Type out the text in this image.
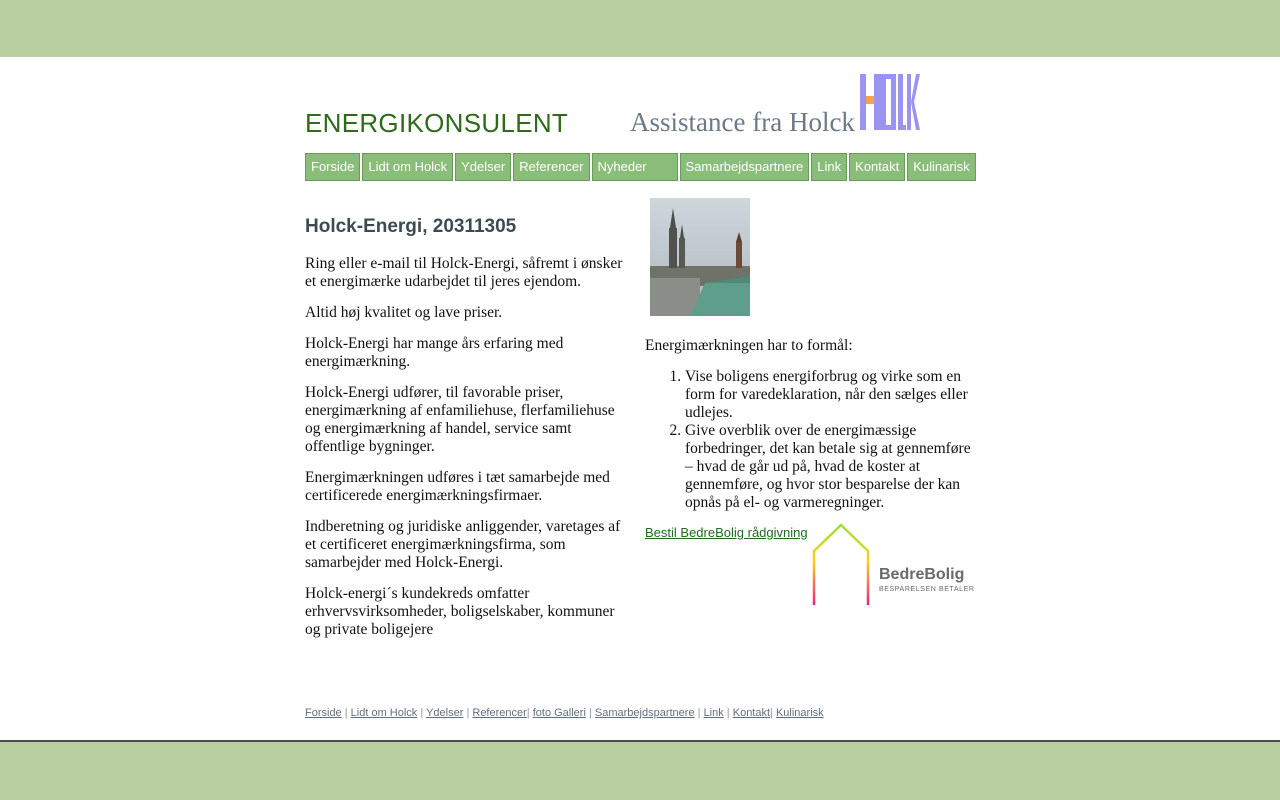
ENERGIKONSULENT Assistance fra Holck
Forside	Lidt om Holck	Ydelser	Referencer	Nyheder	Samarbejdspartnere	Link	Kontakt	Kulinarisk
Holck-Energi, 20311305

Ring eller e-mail til Holck-Energi, såfremt i ønsker et energimærke udarbejdet til jeres ejendom.

Altid høj kvalitet og lave priser.

Holck-Energi har mange års erfaring med energimærkning.

Holck-Energi udfører, til favorable priser, energimærkning af enfamiliehuse, flerfamiliehuse og energimærkning af handel, service samt offentlige bygninger.

Energimærkningen udføres i tæt samarbejde med certificerede energimærkningsfirmaer.

Indberetning og juridiske anliggender, varetages af et certificeret energimærkningsfirma, som samarbejder med Holck-Energi.

Holck-energi´s kundekreds omfatter erhvervsvirksomheder, boligselskaber, kommuner og private boligejere

Energimærkningen har to formål:

1. Vise boligens energiforbrug og virke som en form for varedeklaration, når den sælges eller udlejes.
2. Give overblik over de energimæssige forbedringer, det kan betale sig at gennemføre – hvad de går ud på, hvad de koster at gennemføre, og hvor stor besparelse der kan opnås på el- og varmeregninger.
Bestil BedreBolig rådgivning
BedreBolig
BESPARELSEN BETALER
Forside | Lidt om Holck | Ydelser | Referencer| foto Galleri | Samarbejdspartnere | Link | Kontakt| Kulinarisk
